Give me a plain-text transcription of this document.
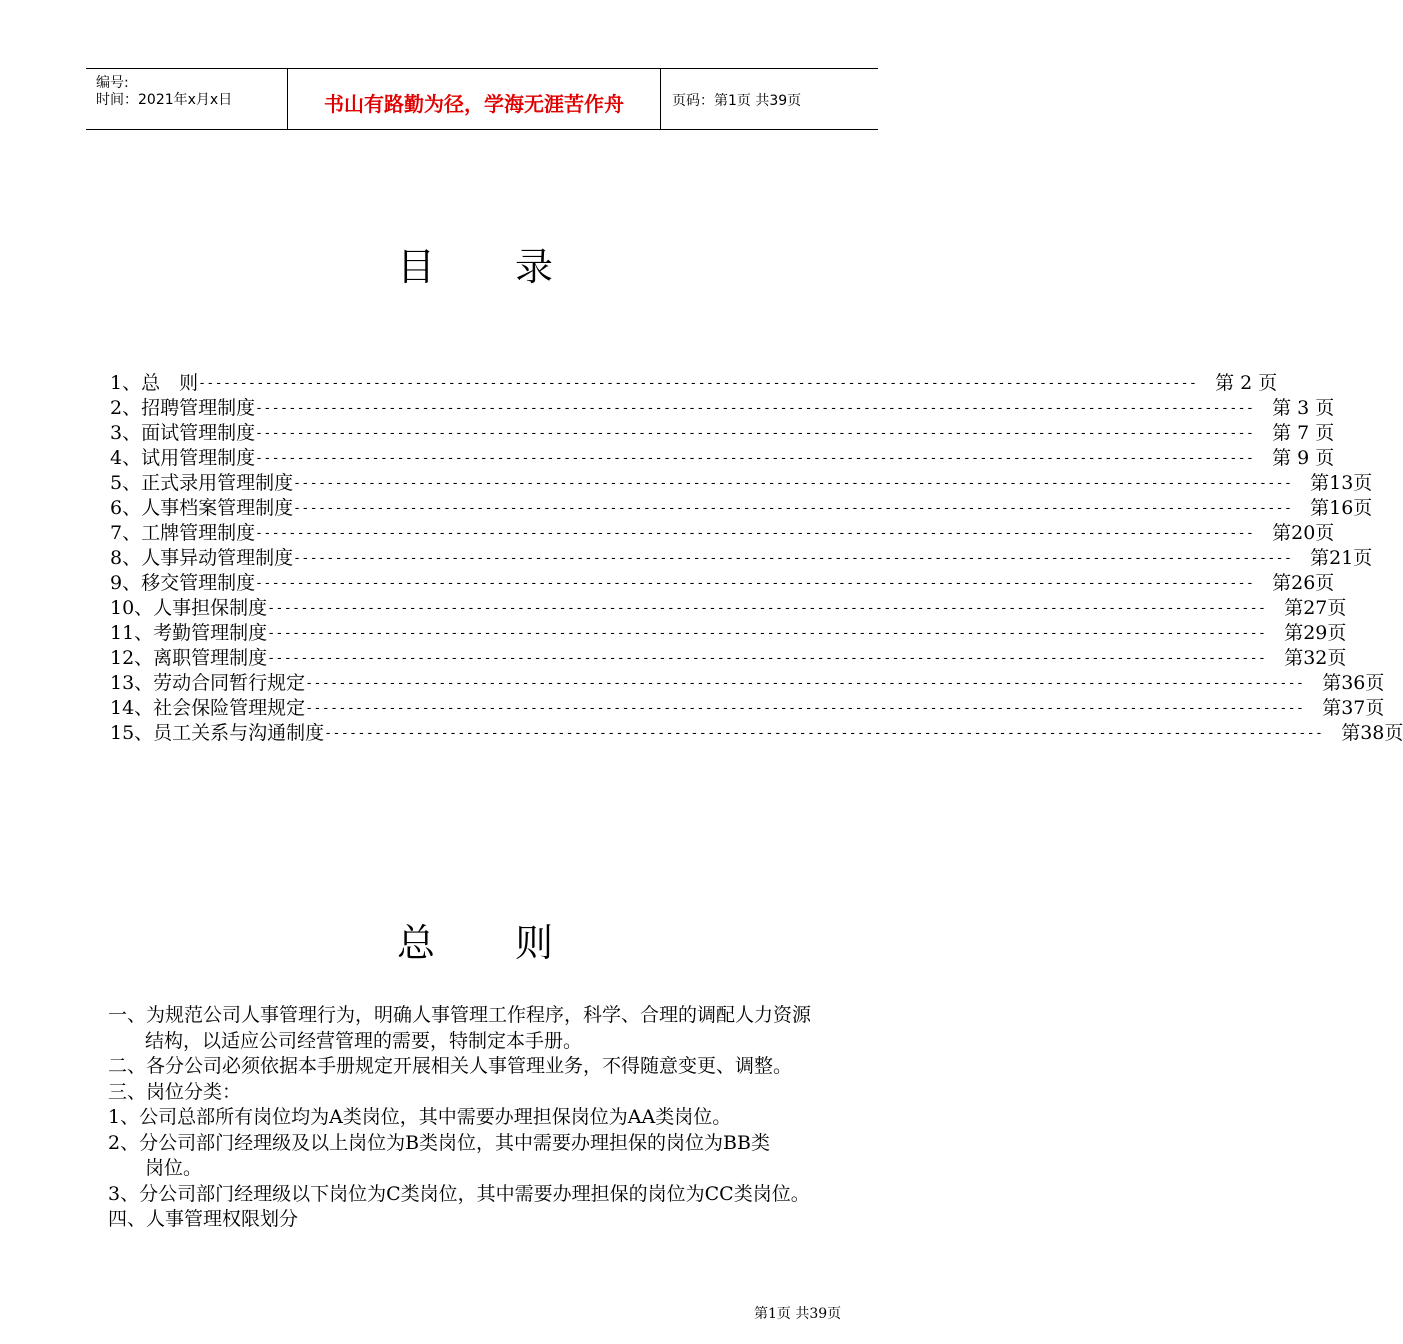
编号:
时间：2021年x月x日	书山有路勤为径，学海无涯苦作舟	页码：第1页 共39页
目录
1、总　则 ------------------------------------------------------------------------------------------------------------------------ 第 2 页
2、招聘管理制度 ------------------------------------------------------------------------------------------------------------------------ 第 3 页
3、面试管理制度 ------------------------------------------------------------------------------------------------------------------------ 第 7 页
4、试用管理制度 ------------------------------------------------------------------------------------------------------------------------ 第 9 页
5、正式录用管理制度 ------------------------------------------------------------------------------------------------------------------------ 第13页
6、人事档案管理制度 ------------------------------------------------------------------------------------------------------------------------ 第16页
7、工牌管理制度 ------------------------------------------------------------------------------------------------------------------------ 第20页
8、人事异动管理制度 ------------------------------------------------------------------------------------------------------------------------ 第21页
9、移交管理制度 ------------------------------------------------------------------------------------------------------------------------ 第26页
10、人事担保制度 ------------------------------------------------------------------------------------------------------------------------ 第27页
11、考勤管理制度 ------------------------------------------------------------------------------------------------------------------------ 第29页
12、离职管理制度 ------------------------------------------------------------------------------------------------------------------------ 第32页
13、劳动合同暂行规定 ------------------------------------------------------------------------------------------------------------------------ 第36页
14、社会保险管理规定 ------------------------------------------------------------------------------------------------------------------------ 第37页
15、员工关系与沟通制度 ------------------------------------------------------------------------------------------------------------------------ 第38页
总则

一、为规范公司人事管理行为，明确人事管理工作程序，科学、合理的调配人力资源

结构，以适应公司经营管理的需要，特制定本手册。

二、各分公司必须依据本手册规定开展相关人事管理业务，不得随意变更、调整。

三、岗位分类：

1、公司总部所有岗位均为A类岗位，其中需要办理担保岗位为AA类岗位。

2、分公司部门经理级及以上岗位为B类岗位，其中需要办理担保的岗位为BB类

岗位。

3、分公司部门经理级以下岗位为C类岗位，其中需要办理担保的岗位为CC类岗位。

四、人事管理权限划分

第1页 共39页
